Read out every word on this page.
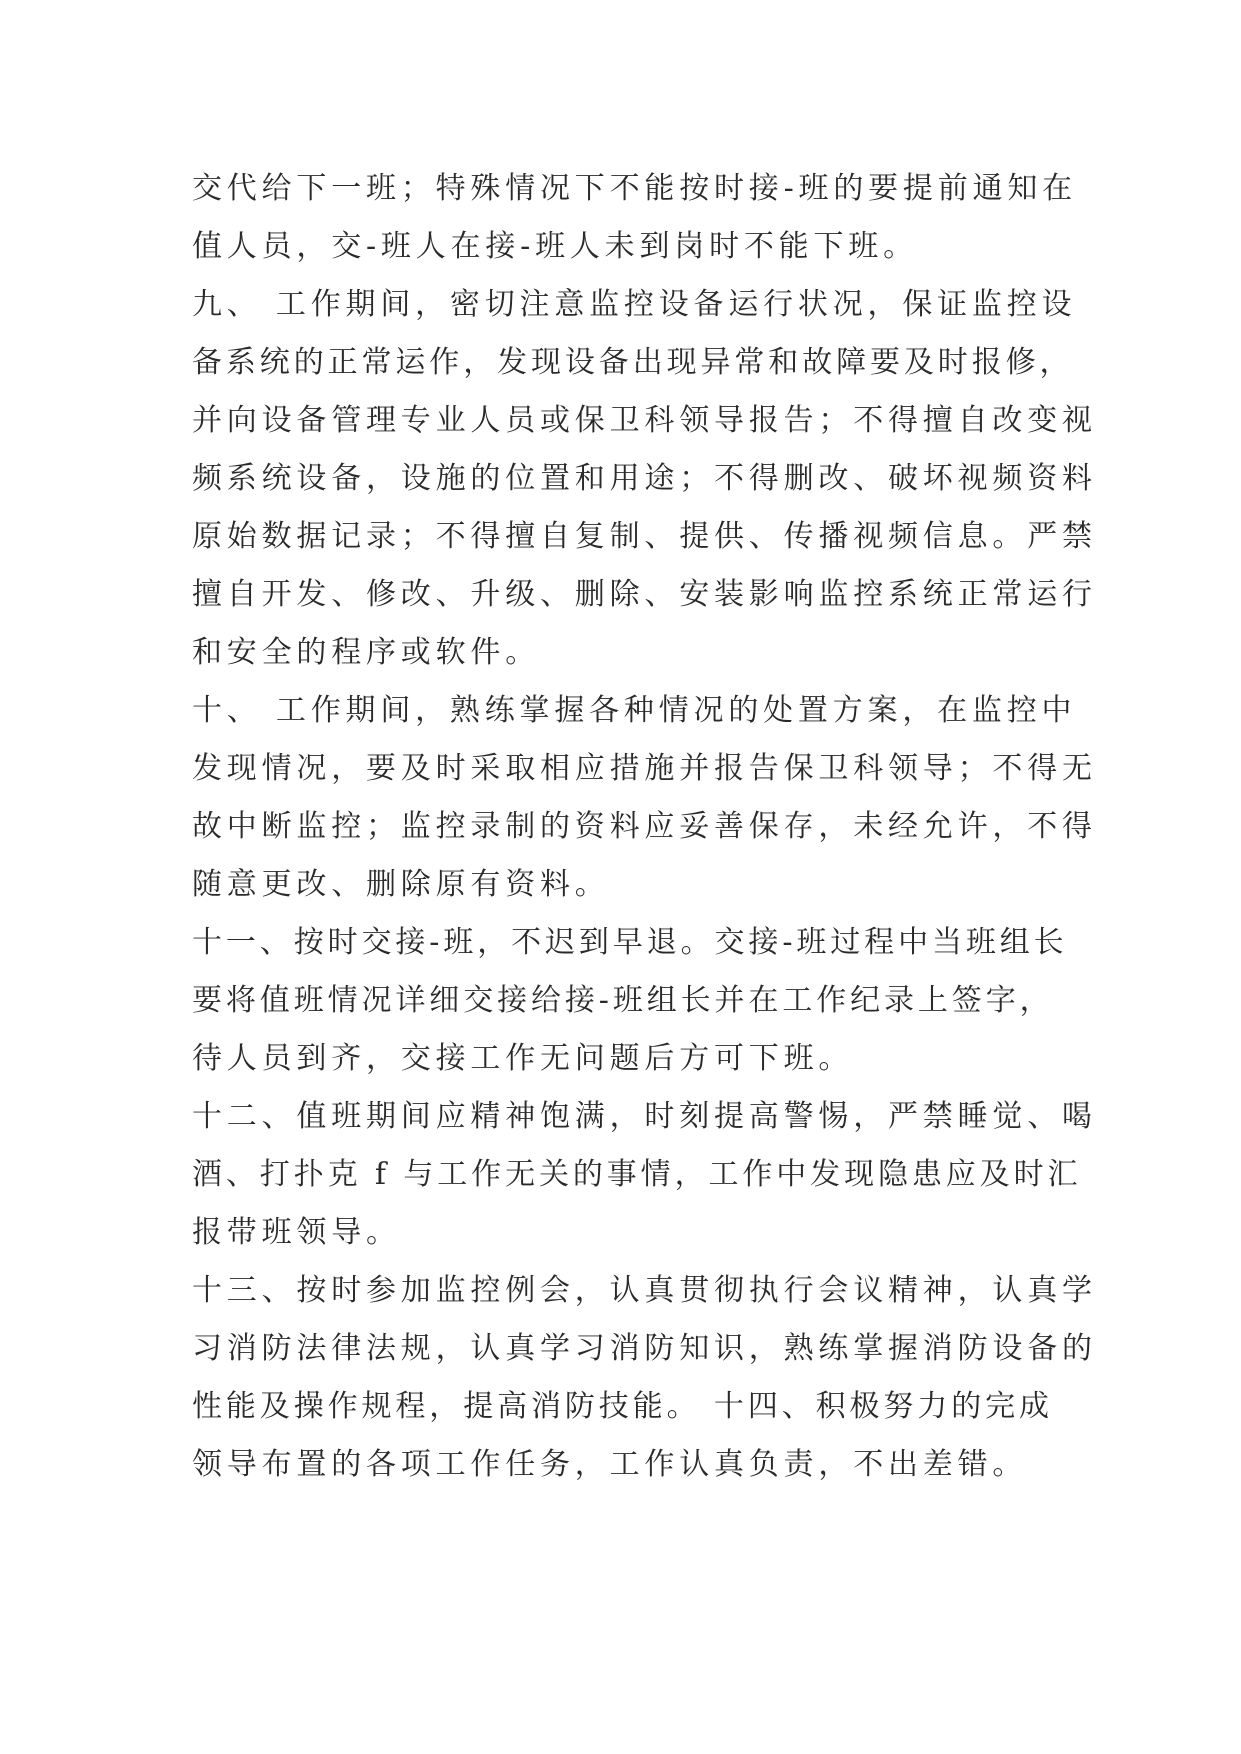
交代给下一班；特殊情况下不能按时接-班的要提前通知在
值人员，交-班人在接-班人未到岗时不能下班。
九、 工作期间，密切注意监控设备运行状况，保证监控设
备系统的正常运作，发现设备出现异常和故障要及时报修，
并向设备管理专业人员或保卫科领导报告；不得擅自改变视
频系统设备，设施的位置和用途；不得删改、破坏视频资料
原始数据记录；不得擅自复制、提供、传播视频信息。严禁
擅自开发、修改、升级、删除、安装影响监控系统正常运行
和安全的程序或软件。
十、 工作期间，熟练掌握各种情况的处置方案，在监控中
发现情况，要及时采取相应措施并报告保卫科领导；不得无
故中断监控；监控录制的资料应妥善保存，未经允许，不得
随意更改、删除原有资料。
十一、按时交接-班，不迟到早退。交接-班过程中当班组长
要将值班情况详细交接给接-班组长并在工作纪录上签字，
待人员到齐，交接工作无问题后方可下班。
十二、值班期间应精神饱满，时刻提高警惕，严禁睡觉、喝
酒、打扑克 f 与工作无关的事情，工作中发现隐患应及时汇
报带班领导。
十三、按时参加监控例会，认真贯彻执行会议精神，认真学
习消防法律法规，认真学习消防知识，熟练掌握消防设备的
性能及操作规程，提高消防技能。 十四、积极努力的完成
领导布置的各项工作任务，工作认真负责，不出差错。
